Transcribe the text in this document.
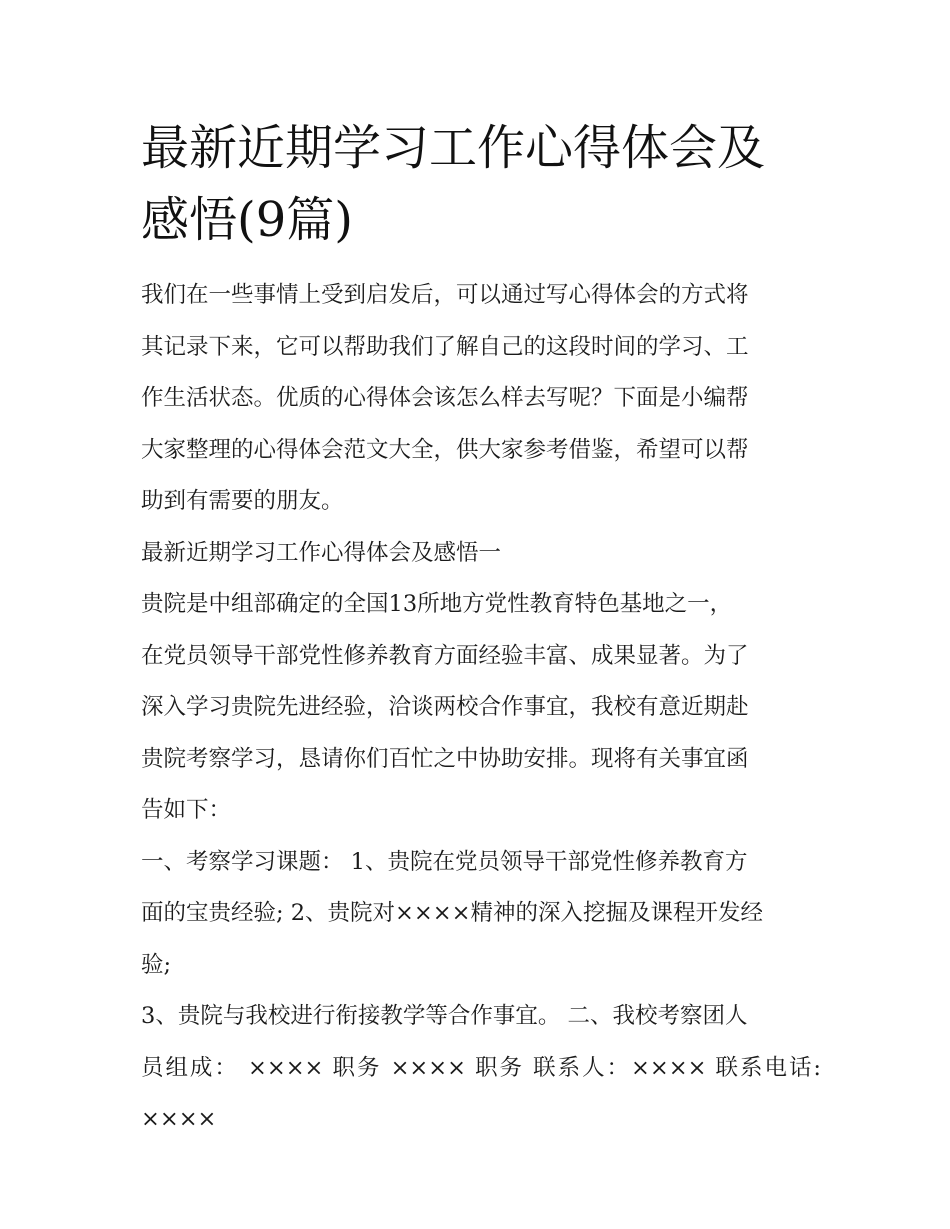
最新近期学习工作心得体会及
感悟(9篇)

我们在一些事情上受到启发后，可以通过写心得体会的方式将

其记录下来，它可以帮助我们了解自己的这段时间的学习、工

作生活状态。优质的心得体会该怎么样去写呢？下面是小编帮

大家整理的心得体会范文大全，供大家参考借鉴，希望可以帮

助到有需要的朋友。

最新近期学习工作心得体会及感悟一

贵院是中组部确定的全国13所地方党性教育特色基地之一，

在党员领导干部党性修养教育方面经验丰富、成果显著。为了

深入学习贵院先进经验，洽谈两校合作事宜，我校有意近期赴

贵院考察学习，恳请你们百忙之中协助安排。现将有关事宜函

告如下：

一、考察学习课题： 1、贵院在党员领导干部党性修养教育方

面的宝贵经验; 2、贵院对××××精神的深入挖掘及课程开发经

验;

3、贵院与我校进行衔接教学等合作事宜。 二、我校考察团人

员组成： ×××× 职务 ×××× 职务 联系人：×××× 联系电话: ××××
